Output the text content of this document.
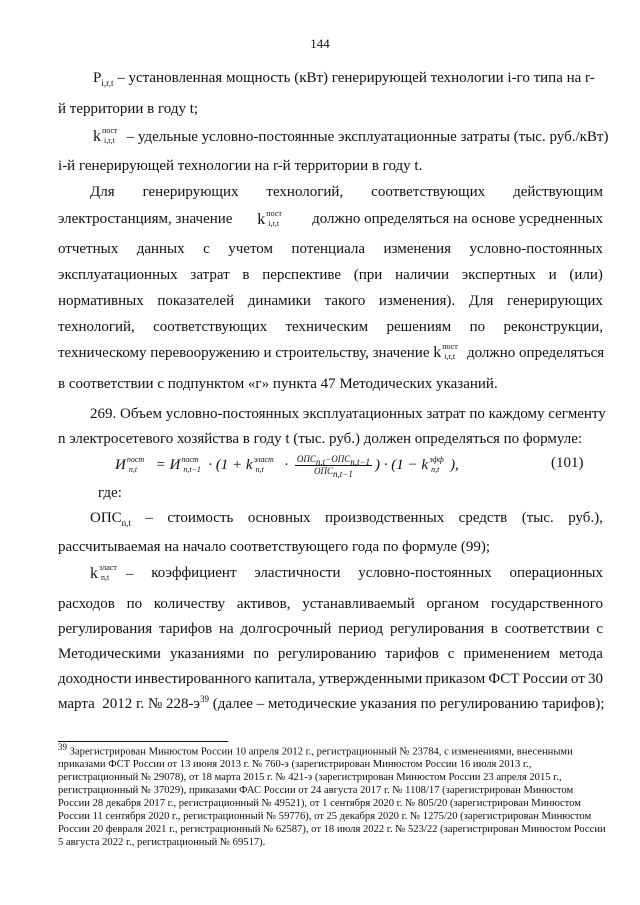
144
$P_{i,r,t}$ – установленная мощность (кВт) генерирующей технологии i-го типа на r-
й территории в году t;
k пост
i,r,t – удельные условно-постоянные эксплуатационные затраты (тыс. руб./кВт)
i-й генерирующей технологии на r-й территории в году t.
Для генерирующих технологий, соответствующих действующим
электростанциям, значение k пост
i,r,t должно определяться на основе усредненных
отчетных данных с учетом потенциала изменения условно-постоянных
эксплуатационных затрат в перспективе (при наличии экспертных и (или)
нормативных показателей динамики такого изменения). Для генерирующих
технологий, соответствующих техническим решениям по реконструкции,
техническому перевооружению и строительству, значение k пост
i,r,t должно определяться
в соответствии с подпунктом «г» пункта 47 Методических указаний.
269. Объем условно-постоянных эксплуатационных затрат по каждому сегменту
n электросетевого хозяйства в году t (тыс. руб.) должен определяться по формуле:
И пост
n,t = И пост
n,t−1 · (1 + k эласт
$n,t \cdot \frac{ОПС_{n,t}-ОПС_{n,t-1}}{ОПС_{n,t-1}}$ ) · (1 − k эфф
n,t ),	(101)
где:
$ОПС_{n,t}$ – стоимость основных производственных средств (тыс. руб.),
рассчитываемая на начало соответствующего года по формуле (99);
k эласт
n,t – коэффициент эластичности условно-постоянных операционных
расходов по количеству активов, устанавливаемый органом государственного
регулирования тарифов на долгосрочный период регулирования в соответствии с
Методическими указаниями по регулированию тарифов с применением метода
доходности инвестированного капитала, утвержденными приказом ФСТ России от 30
марта  2012 г. № $228-э^{39}$ (далее – методические указания по регулированию тарифов);
$^{39}$ Зарегистрирован Минюстом России 10 апреля 2012 г., регистрационный № 23784, с изменениями, внесенными
приказами ФСТ России от 13 июня 2013 г. № 760-э (зарегистрирован Минюстом России 16 июля 2013 г.,
регистрационный № 29078), от 18 марта 2015 г. № 421-э (зарегистрирован Минюстом России 23 апреля 2015 г.,
регистрационный № 37029), приказами ФАС России от 24 августа 2017 г. № 1108/17 (зарегистрирован Минюстом
России 28 декабря 2017 г., регистрационный № 49521), от 1 сентября 2020 г. № 805/20 (зарегистрирован Минюстом
России 11 сентября 2020 г., регистрационный № 59776), от 25 декабря 2020 г. № 1275/20 (зарегистрирован Минюстом
России 20 февраля 2021 г., регистрационный № 62587), от 18 июля 2022 г. № 523/22 (зарегистрирован Минюстом России
5 августа 2022 г., регистрационный № 69517).
